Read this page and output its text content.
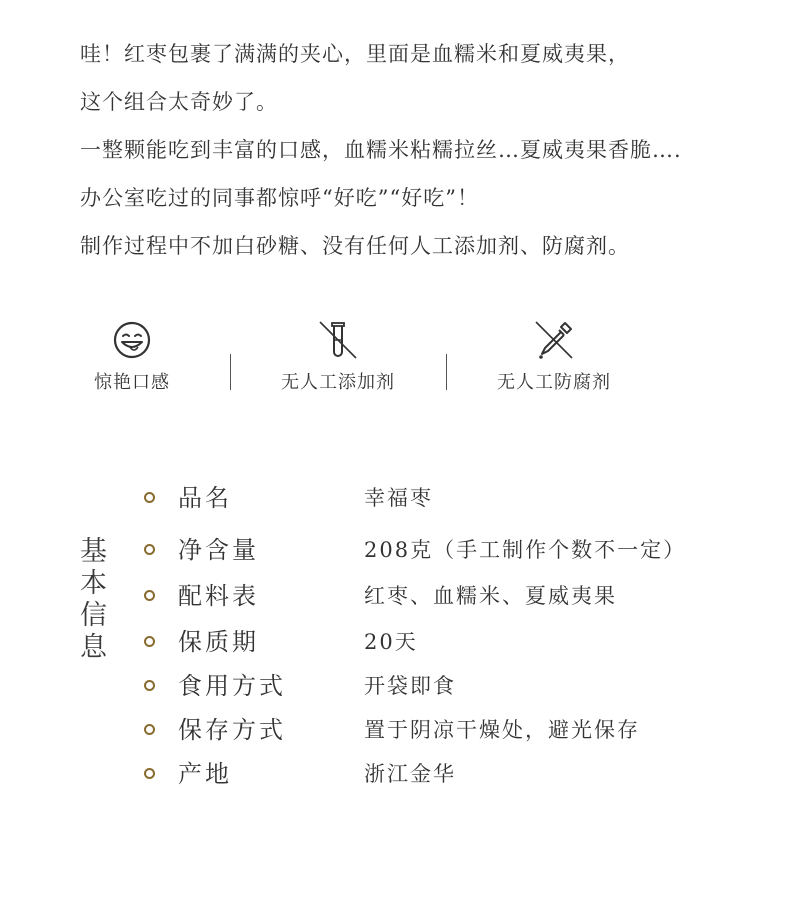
哇！红枣包裹了满满的夹心，里面是血糯米和夏威夷果，
这个组合太奇妙了。
一整颗能吃到丰富的口感，血糯米粘糯拉丝…夏威夷果香脆….
办公室吃过的同事都惊呼“好吃”“好吃”！
制作过程中不加白砂糖、没有任何人工添加剂、防腐剂。
惊艳口感	无人工添加剂	无人工防腐剂
基
本
信
息
品名	幸福枣
净含量	208克（手工制作个数不一定）
配料表	红枣、血糯米、夏威夷果
保质期	20天
食用方式	开袋即食
保存方式	置于阴凉干燥处，避光保存
产地	浙江金华
